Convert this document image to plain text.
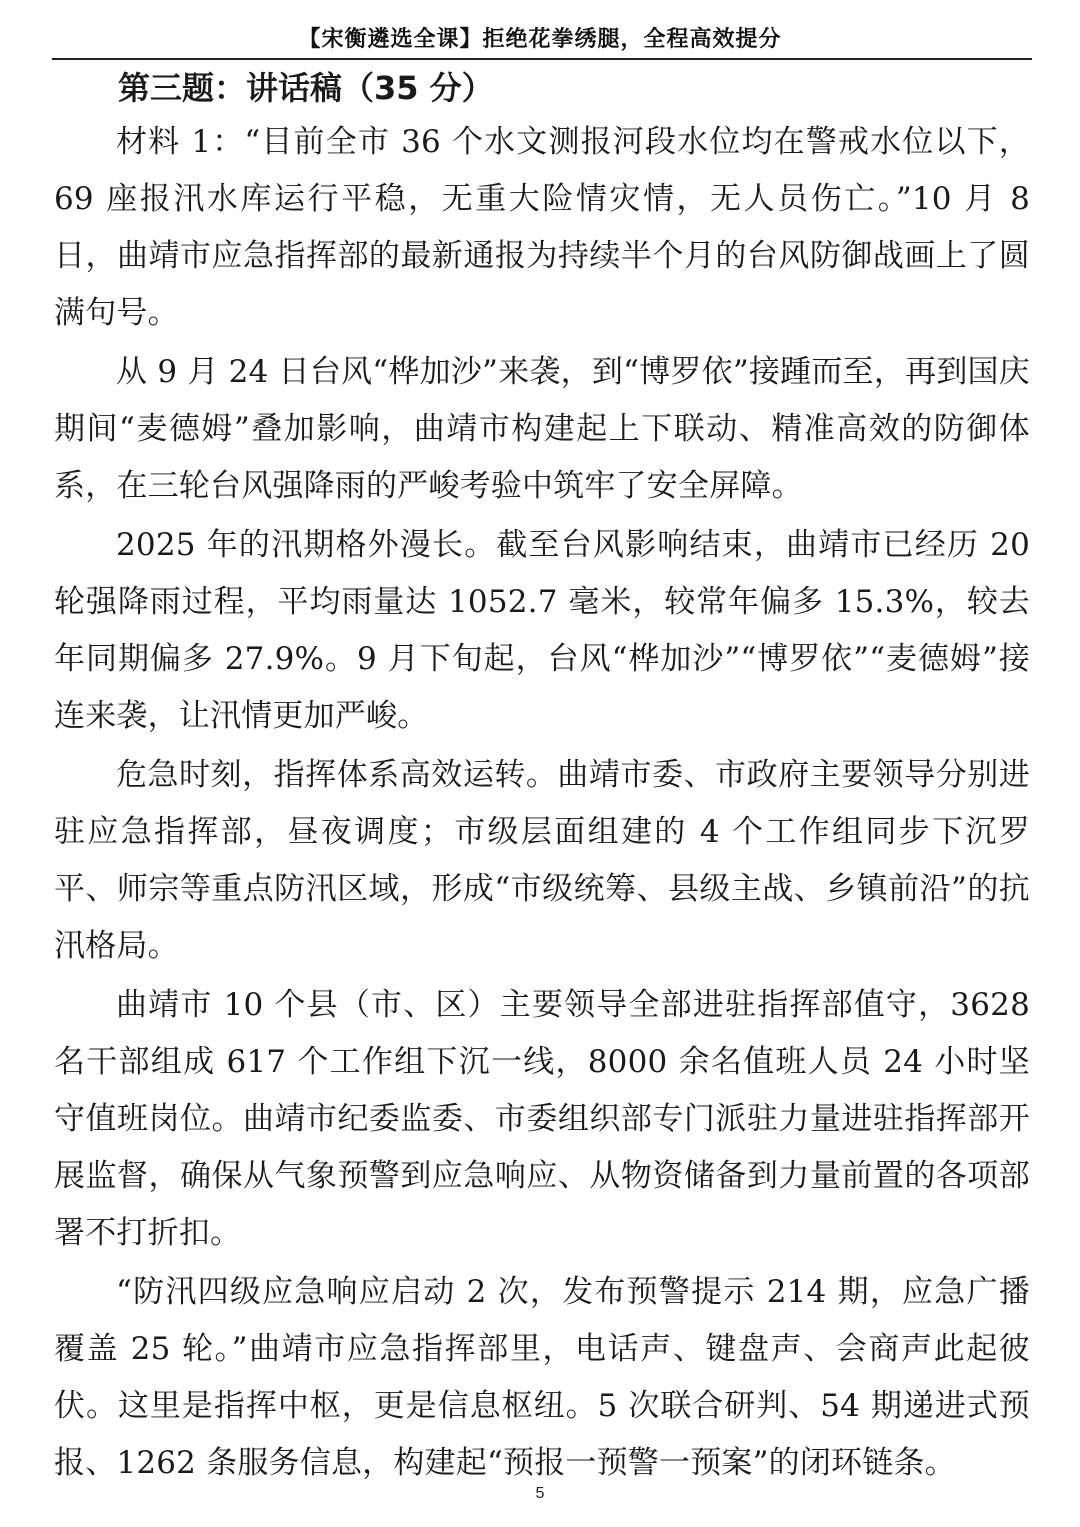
【宋衡遴选全课】拒绝花拳绣腿，全程高效提分
第三题：讲话稿（35 分）

材料 1：“目前全市 36 个水文测报河段水位均在警戒水位以下，69 座报汛水库运行平稳，无重大险情灾情，无人员伤亡。”10 月 8 日，曲靖市应急指挥部的最新通报为持续半个月的台风防御战画上了圆满句号。

从 9 月 24 日台风“桦加沙”来袭，到“博罗依”接踵而至，再到国庆期间“麦德姆”叠加影响，曲靖市构建起上下联动、精准高效的防御体系，在三轮台风强降雨的严峻考验中筑牢了安全屏障。

2025 年的汛期格外漫长。截至台风影响结束，曲靖市已经历 20 轮强降雨过程，平均雨量达 1052.7 毫米，较常年偏多 15.3%，较去年同期偏多 27.9%。9 月下旬起，台风“桦加沙”“博罗依”“麦德姆”接连来袭，让汛情更加严峻。

危急时刻，指挥体系高效运转。曲靖市委、市政府主要领导分别进驻应急指挥部，昼夜调度；市级层面组建的 4 个工作组同步下沉罗平、师宗等重点防汛区域，形成“市级统筹、县级主战、乡镇前沿”的抗汛格局。

曲靖市 10 个县（市、区）主要领导全部进驻指挥部值守，3628 名干部组成 617 个工作组下沉一线，8000 余名值班人员 24 小时坚守值班岗位。曲靖市纪委监委、市委组织部专门派驻力量进驻指挥部开展监督，确保从气象预警到应急响应、从物资储备到力量前置的各项部署不打折扣。

“防汛四级应急响应启动 2 次，发布预警提示 214 期，应急广播覆盖 25 轮。”曲靖市应急指挥部里，电话声、键盘声、会商声此起彼伏。这里是指挥中枢，更是信息枢纽。5 次联合研判、54 期递进式预报、1262 条服务信息，构建起“预报一预警一预案”的闭环链条。

5
